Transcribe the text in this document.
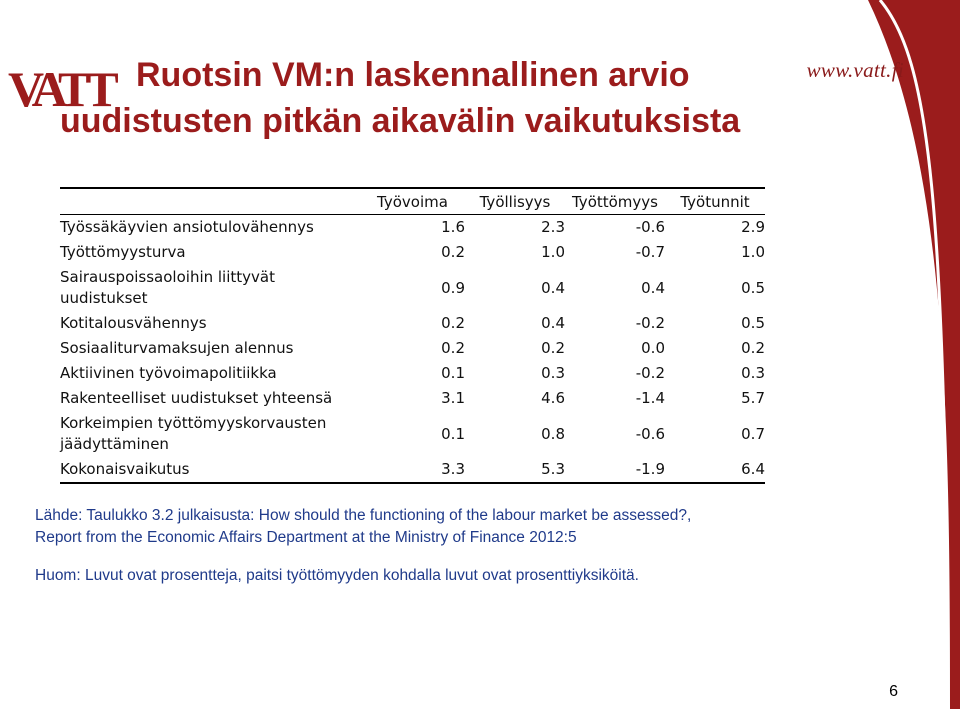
VATT	www.vatt.fi
Ruotsin VM:n laskennallinen arvio
uudistusten pitkän aikavälin vaikutuksista
	Työvoima	Työllisyys	Työttömyys	Työtunnit
Työssäkäyvien ansiotulovähennys	1.6	2.3	-0.6	2.9
Työttömyysturva	0.2	1.0	-0.7	1.0
Sairauspoissaoloihin liittyvät uudistukset	0.9	0.4	0.4	0.5
Kotitalousvähennys	0.2	0.4	-0.2	0.5
Sosiaaliturvamaksujen alennus	0.2	0.2	0.0	0.2
Aktiivinen työvoimapolitiikka	0.1	0.3	-0.2	0.3
Rakenteelliset uudistukset yhteensä	3.1	4.6	-1.4	5.7
Korkeimpien työttömyyskorvausten jäädyttäminen	0.1	0.8	-0.6	0.7
Kokonaisvaikutus	3.3	5.3	-1.9	6.4
Lähde: Taulukko 3.2 julkaisusta: How should the functioning of the labour market be assessed?,
Report from the Economic Affairs Department at the Ministry of Finance 2012:5
Huom: Luvut ovat prosentteja, paitsi työttömyyden kohdalla luvut ovat prosenttiyksiköitä.
6
